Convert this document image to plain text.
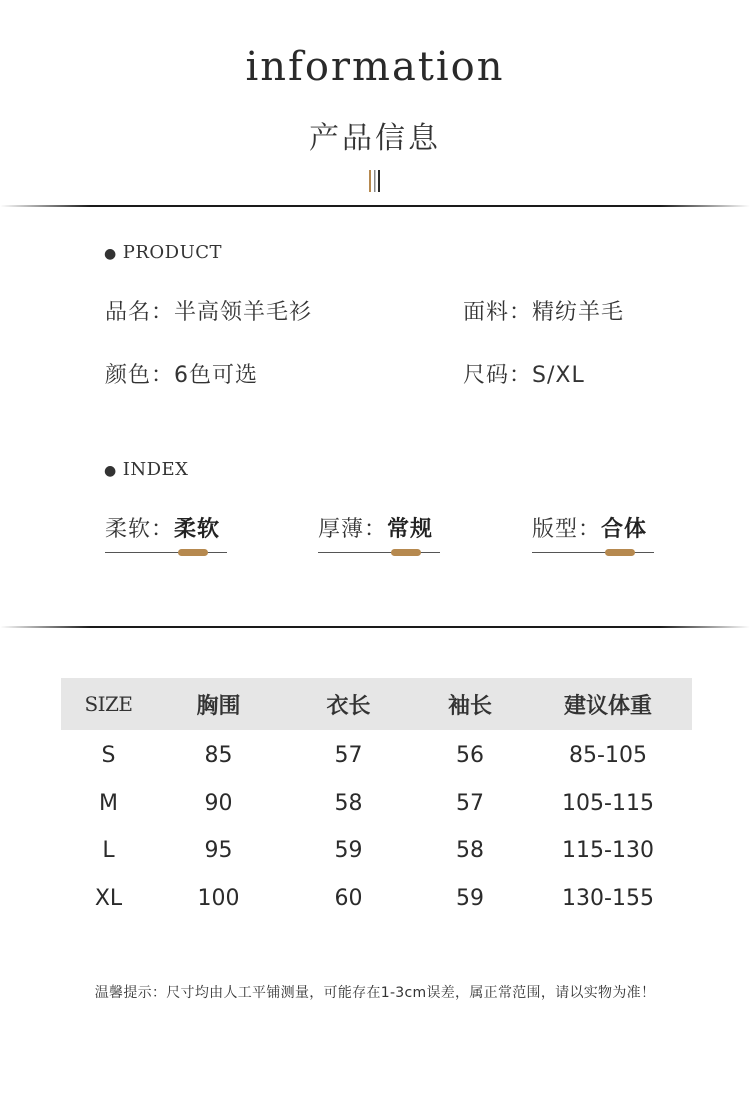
information
产品信息
● PRODUCT
品名：半高领羊毛衫	面料：精纺羊毛
颜色：6色可选	尺码：S/XL
● INDEX
柔软：柔软	厚薄：常规	版型：合体
SIZE	胸围	衣长	袖长	建议体重
S	85	57	56	85-105
M	90	58	57	105-115
L	95	59	58	115-130
XL	100	60	59	130-155
温馨提示：尺寸均由人工平铺测量，可能存在1-3cm误差，属正常范围，请以实物为准！
